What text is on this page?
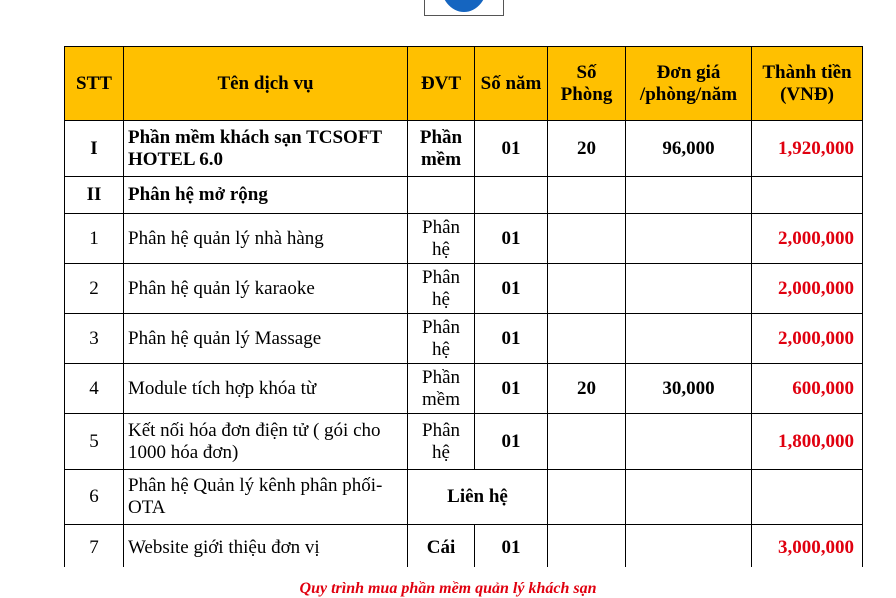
STT	Tên dịch vụ	ĐVT	Số năm	Số Phòng	Đơn giá /phòng/năm	Thành tiền (VNĐ)
I	Phần mềm khách sạn TCSOFT HOTEL 6.0	Phần mềm	01	20	96,000	1,920,000
II	Phân hệ mở rộng					
1	Phân hệ quản lý nhà hàng	Phân hệ	01			2,000,000
2	Phân hệ quản lý karaoke	Phân hệ	01			2,000,000
3	Phân hệ quản lý Massage	Phân hệ	01			2,000,000
4	Module tích hợp khóa từ	Phần mềm	01	20	30,000	600,000
5	Kết nối hóa đơn điện tử ( gói cho 1000 hóa đơn)	Phân hệ	01			1,800,000
6	Phân hệ Quản lý kênh phân phối- OTA	Liên hệ				
7	Website giới thiệu đơn vị	Cái	01			3,000,000
Quy trình mua phần mềm quản lý khách sạn
